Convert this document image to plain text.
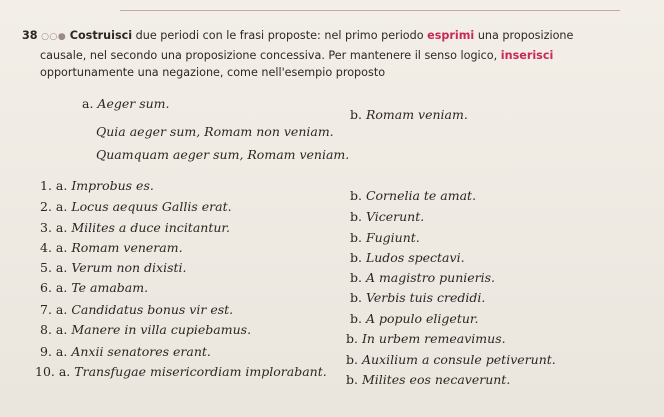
38 ○○● Costruisci due periodi con le frasi proposte: nel primo periodo esprimi una proposizione
causale, nel secondo una proposizione concessiva. Per mantenere il senso logico, inserisci
opportunamente una negazione, come nell'esempio proposto
a. Aeger sum.
b. Romam veniam.
Quia aeger sum, Romam non veniam.
Quamquam aeger sum, Romam veniam.
1. a. Improbus es.
b. Cornelia te amat.
2. a. Locus aequus Gallis erat.
b. Vicerunt.
3. a. Milites a duce incitantur.
b. Fugiunt.
4. a. Romam veneram.
b. Ludos spectavi.
5. a. Verum non dixisti.
b. A magistro punieris.
6. a. Te amabam.
b. Verbis tuis credidi.
7. a. Candidatus bonus vir est.
b. A populo eligetur.
8. a. Manere in villa cupiebamus.
b. In urbem remeavimus.
9. a. Anxii senatores erant.
b. Auxilium a consule petiverunt.
10. a. Transfugae misericordiam implorabant.
b. Milites eos necaverunt.
